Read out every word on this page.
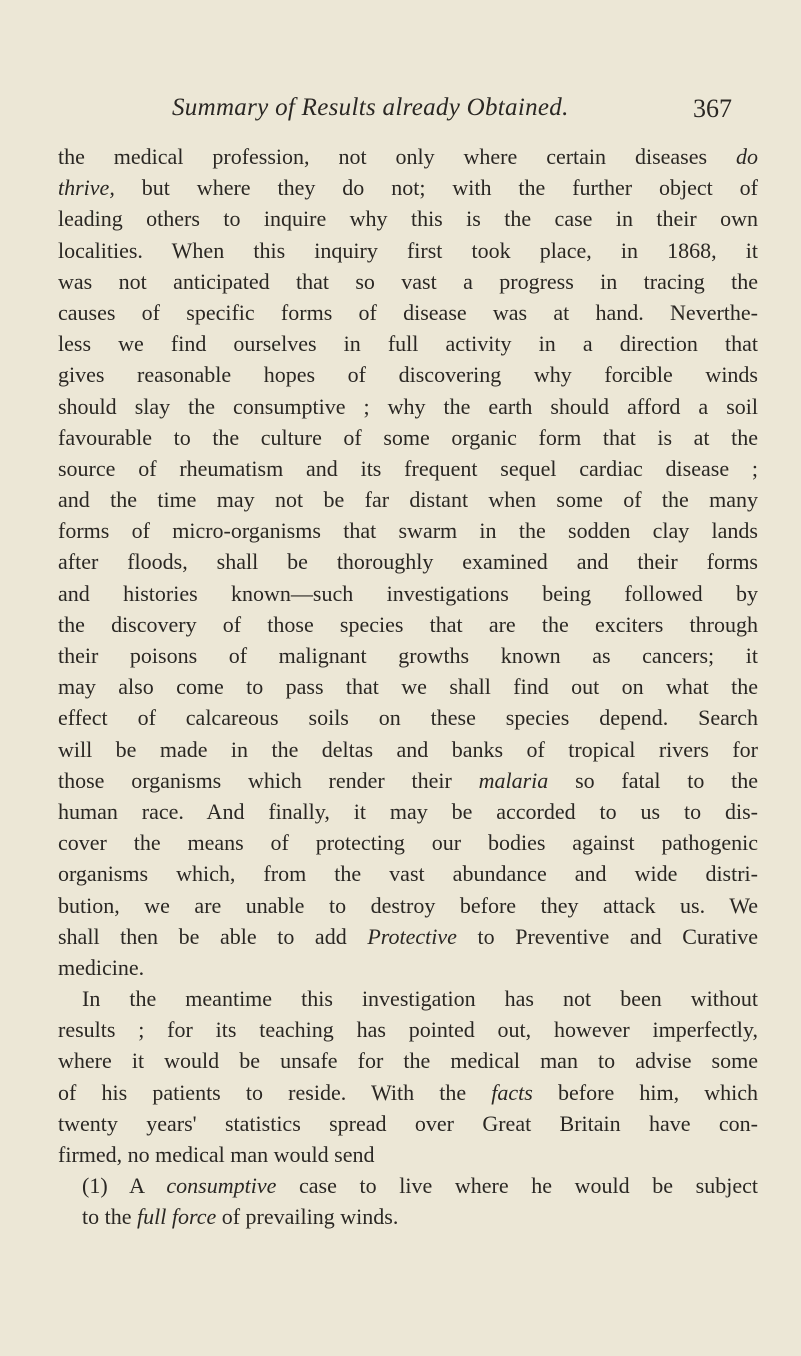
Summary of Results already Obtained.	367
the medical profession, not only where certain diseases do
thrive, but where they do not; with the further object of
leading others to inquire why this is the case in their own
localities. When this inquiry first took place, in 1868, it
was not anticipated that so vast a progress in tracing the
causes of specific forms of disease was at hand. Neverthe-
less we find ourselves in full activity in a direction that
gives reasonable hopes of discovering why forcible winds
should slay the consumptive ; why the earth should afford a soil
favourable to the culture of some organic form that is at the
source of rheumatism and its frequent sequel cardiac disease ;
and the time may not be far distant when some of the many
forms of micro-organisms that swarm in the sodden clay lands
after floods, shall be thoroughly examined and their forms
and histories known—such investigations being followed by
the discovery of those species that are the exciters through
their poisons of malignant growths known as cancers; it
may also come to pass that we shall find out on what the
effect of calcareous soils on these species depend. Search
will be made in the deltas and banks of tropical rivers for
those organisms which render their malaria so fatal to the
human race. And finally, it may be accorded to us to dis-
cover the means of protecting our bodies against pathogenic
organisms which, from the vast abundance and wide distri-
bution, we are unable to destroy before they attack us. We
shall then be able to add Protective to Preventive and Curative
medicine.
In the meantime this investigation has not been without
results ; for its teaching has pointed out, however imperfectly,
where it would be unsafe for the medical man to advise some
of his patients to reside. With the facts before him, which
twenty years' statistics spread over Great Britain have con-
firmed, no medical man would send
(1) A consumptive case to live where he would be subject
to the full force of prevailing winds.
